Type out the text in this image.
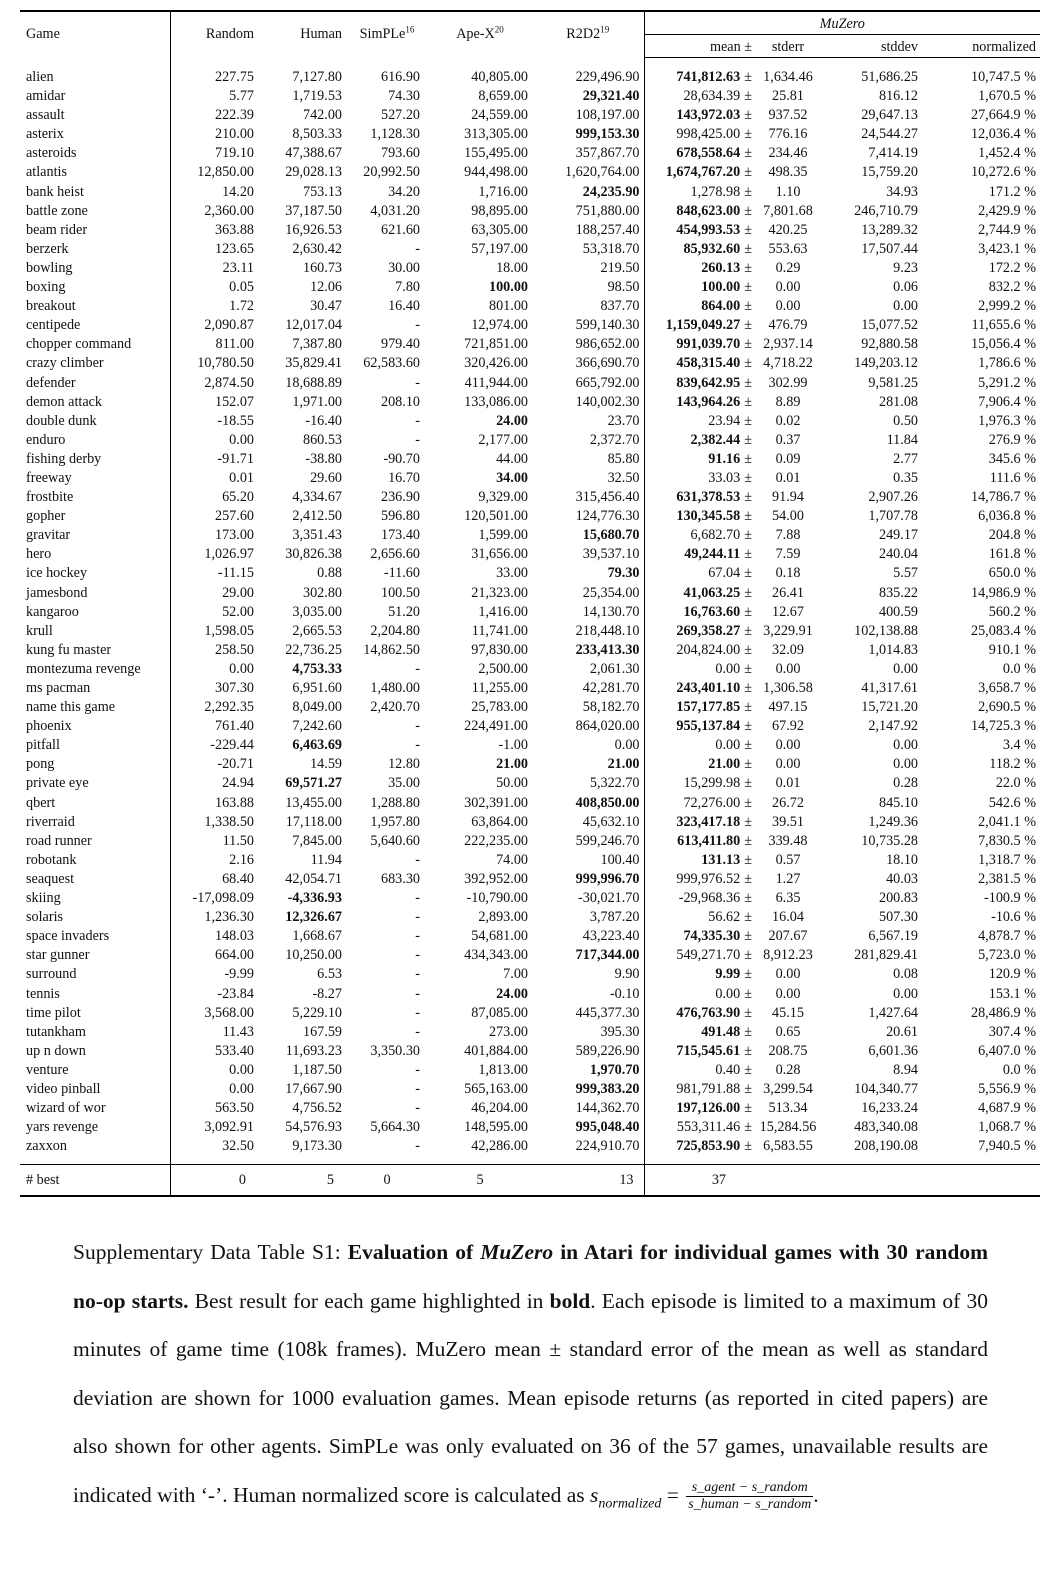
Game	Random	Human	SimPLe$^{16}$	Ape-$X^{20}$	$R2D2^{19}$	MuZero			
						mean ±	stderr	stddev	normalized
alien	227.75	7,127.80	616.90	40,805.00	229,496.90	741,812.63 ±	1,634.46	51,686.25	10,747.5 %
amidar	5.77	1,719.53	74.30	8,659.00	29,321.40	28,634.39 ±	25.81	816.12	1,670.5 %
assault	222.39	742.00	527.20	24,559.00	108,197.00	143,972.03 ±	937.52	29,647.13	27,664.9 %
asterix	210.00	8,503.33	1,128.30	313,305.00	999,153.30	998,425.00 ±	776.16	24,544.27	12,036.4 %
asteroids	719.10	47,388.67	793.60	155,495.00	357,867.70	678,558.64 ±	234.46	7,414.19	1,452.4 %
atlantis	12,850.00	29,028.13	20,992.50	944,498.00	1,620,764.00	1,674,767.20 ±	498.35	15,759.20	10,272.6 %
bank heist	14.20	753.13	34.20	1,716.00	24,235.90	1,278.98 ±	1.10	34.93	171.2 %
battle zone	2,360.00	37,187.50	4,031.20	98,895.00	751,880.00	848,623.00 ±	7,801.68	246,710.79	2,429.9 %
beam rider	363.88	16,926.53	621.60	63,305.00	188,257.40	454,993.53 ±	420.25	13,289.32	2,744.9 %
berzerk	123.65	2,630.42	-	57,197.00	53,318.70	85,932.60 ±	553.63	17,507.44	3,423.1 %
bowling	23.11	160.73	30.00	18.00	219.50	260.13 ±	0.29	9.23	172.2 %
boxing	0.05	12.06	7.80	100.00	98.50	100.00 ±	0.00	0.06	832.2 %
breakout	1.72	30.47	16.40	801.00	837.70	864.00 ±	0.00	0.00	2,999.2 %
centipede	2,090.87	12,017.04	-	12,974.00	599,140.30	1,159,049.27 ±	476.79	15,077.52	11,655.6 %
chopper command	811.00	7,387.80	979.40	721,851.00	986,652.00	991,039.70 ±	2,937.14	92,880.58	15,056.4 %
crazy climber	10,780.50	35,829.41	62,583.60	320,426.00	366,690.70	458,315.40 ±	4,718.22	149,203.12	1,786.6 %
defender	2,874.50	18,688.89	-	411,944.00	665,792.00	839,642.95 ±	302.99	9,581.25	5,291.2 %
demon attack	152.07	1,971.00	208.10	133,086.00	140,002.30	143,964.26 ±	8.89	281.08	7,906.4 %
double dunk	-18.55	-16.40	-	24.00	23.70	23.94 ±	0.02	0.50	1,976.3 %
enduro	0.00	860.53	-	2,177.00	2,372.70	2,382.44 ±	0.37	11.84	276.9 %
fishing derby	-91.71	-38.80	-90.70	44.00	85.80	91.16 ±	0.09	2.77	345.6 %
freeway	0.01	29.60	16.70	34.00	32.50	33.03 ±	0.01	0.35	111.6 %
frostbite	65.20	4,334.67	236.90	9,329.00	315,456.40	631,378.53 ±	91.94	2,907.26	14,786.7 %
gopher	257.60	2,412.50	596.80	120,501.00	124,776.30	130,345.58 ±	54.00	1,707.78	6,036.8 %
gravitar	173.00	3,351.43	173.40	1,599.00	15,680.70	6,682.70 ±	7.88	249.17	204.8 %
hero	1,026.97	30,826.38	2,656.60	31,656.00	39,537.10	49,244.11 ±	7.59	240.04	161.8 %
ice hockey	-11.15	0.88	-11.60	33.00	79.30	67.04 ±	0.18	5.57	650.0 %
jamesbond	29.00	302.80	100.50	21,323.00	25,354.00	41,063.25 ±	26.41	835.22	14,986.9 %
kangaroo	52.00	3,035.00	51.20	1,416.00	14,130.70	16,763.60 ±	12.67	400.59	560.2 %
krull	1,598.05	2,665.53	2,204.80	11,741.00	218,448.10	269,358.27 ±	3,229.91	102,138.88	25,083.4 %
kung fu master	258.50	22,736.25	14,862.50	97,830.00	233,413.30	204,824.00 ±	32.09	1,014.83	910.1 %
montezuma revenge	0.00	4,753.33	-	2,500.00	2,061.30	0.00 ±	0.00	0.00	0.0 %
ms pacman	307.30	6,951.60	1,480.00	11,255.00	42,281.70	243,401.10 ±	1,306.58	41,317.61	3,658.7 %
name this game	2,292.35	8,049.00	2,420.70	25,783.00	58,182.70	157,177.85 ±	497.15	15,721.20	2,690.5 %
phoenix	761.40	7,242.60	-	224,491.00	864,020.00	955,137.84 ±	67.92	2,147.92	14,725.3 %
pitfall	-229.44	6,463.69	-	-1.00	0.00	0.00 ±	0.00	0.00	3.4 %
pong	-20.71	14.59	12.80	21.00	21.00	21.00 ±	0.00	0.00	118.2 %
private eye	24.94	69,571.27	35.00	50.00	5,322.70	15,299.98 ±	0.01	0.28	22.0 %
qbert	163.88	13,455.00	1,288.80	302,391.00	408,850.00	72,276.00 ±	26.72	845.10	542.6 %
riverraid	1,338.50	17,118.00	1,957.80	63,864.00	45,632.10	323,417.18 ±	39.51	1,249.36	2,041.1 %
road runner	11.50	7,845.00	5,640.60	222,235.00	599,246.70	613,411.80 ±	339.48	10,735.28	7,830.5 %
robotank	2.16	11.94	-	74.00	100.40	131.13 ±	0.57	18.10	1,318.7 %
seaquest	68.40	42,054.71	683.30	392,952.00	999,996.70	999,976.52 ±	1.27	40.03	2,381.5 %
skiing	-17,098.09	-4,336.93	-	-10,790.00	-30,021.70	-29,968.36 ±	6.35	200.83	-100.9 %
solaris	1,236.30	12,326.67	-	2,893.00	3,787.20	56.62 ±	16.04	507.30	-10.6 %
space invaders	148.03	1,668.67	-	54,681.00	43,223.40	74,335.30 ±	207.67	6,567.19	4,878.7 %
star gunner	664.00	10,250.00	-	434,343.00	717,344.00	549,271.70 ±	8,912.23	281,829.41	5,723.0 %
surround	-9.99	6.53	-	7.00	9.90	9.99 ±	0.00	0.08	120.9 %
tennis	-23.84	-8.27	-	24.00	-0.10	0.00 ±	0.00	0.00	153.1 %
time pilot	3,568.00	5,229.10	-	87,085.00	445,377.30	476,763.90 ±	45.15	1,427.64	28,486.9 %
tutankham	11.43	167.59	-	273.00	395.30	491.48 ±	0.65	20.61	307.4 %
up n down	533.40	11,693.23	3,350.30	401,884.00	589,226.90	715,545.61 ±	208.75	6,601.36	6,407.0 %
venture	0.00	1,187.50	-	1,813.00	1,970.70	0.40 ±	0.28	8.94	0.0 %
video pinball	0.00	17,667.90	-	565,163.00	999,383.20	981,791.88 ±	3,299.54	104,340.77	5,556.9 %
wizard of wor	563.50	4,756.52	-	46,204.00	144,362.70	197,126.00 ±	513.34	16,233.24	4,687.9 %
yars revenge	3,092.91	54,576.93	5,664.30	148,595.00	995,048.40	553,311.46 ±	15,284.56	483,340.08	1,068.7 %
zaxxon	32.50	9,173.30	-	42,286.00	224,910.70	725,853.90 ±	6,583.55	208,190.08	7,940.5 %
# best	0	5	0	5	13	37			
Supplementary Data Table S1: Evaluation of MuZero in Atari for individual games with 30 random no-op starts. Best result for each game highlighted in bold. Each episode is limited to a maximum of 30 minutes of game time (108k frames). MuZero mean ± standard error of the mean as well as standard deviation are shown for 1000 evaluation games. Mean episode returns (as reported in cited papers) are also shown for other agents. SimPLe was only evaluated on 36 of the 57 games, unavailable results are indicated with ‘-’. Human normalized score is calculated as $s_{normalized} = \frac{\text{s\_agent − s\_random}}{\text{s\_human − s\_random}}$ .
